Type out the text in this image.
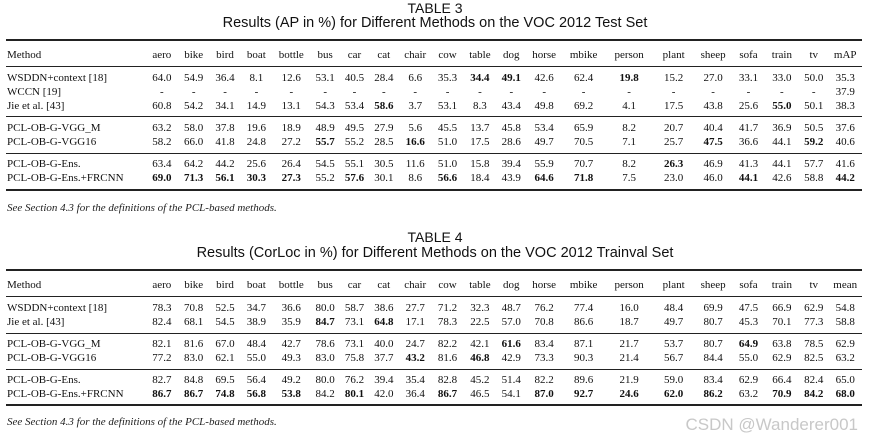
TABLE 3
Results (AP in %) for Different Methods on the VOC 2012 Test Set
Method	aero	bike	bird	boat	bottle	bus	car	cat	chair	cow	table	dog	horse	mbike	person	plant	sheep	sofa	train	tv	mAP
WSDDN+context [18]	64.0	54.9	36.4	8.1	12.6	53.1	40.5	28.4	6.6	35.3	34.4	49.1	42.6	62.4	19.8	15.2	27.0	33.1	33.0	50.0	35.3
WCCN [19]	-	-	-	-	-	-	-	-	-	-	-	-	-	-	-	-	-	-	-	-	37.9
Jie et al. [43]	60.8	54.2	34.1	14.9	13.1	54.3	53.4	58.6	3.7	53.1	8.3	43.4	49.8	69.2	4.1	17.5	43.8	25.6	55.0	50.1	38.3
PCL-OB-G-VGG_M	63.2	58.0	37.8	19.6	18.9	48.9	49.5	27.9	5.6	45.5	13.7	45.8	53.4	65.9	8.2	20.7	40.4	41.7	36.9	50.5	37.6
PCL-OB-G-VGG16	58.2	66.0	41.8	24.8	27.2	55.7	55.2	28.5	16.6	51.0	17.5	28.6	49.7	70.5	7.1	25.7	47.5	36.6	44.1	59.2	40.6
PCL-OB-G-Ens.	63.4	64.2	44.2	25.6	26.4	54.5	55.1	30.5	11.6	51.0	15.8	39.4	55.9	70.7	8.2	26.3	46.9	41.3	44.1	57.7	41.6
PCL-OB-G-Ens.+FRCNN	69.0	71.3	56.1	30.3	27.3	55.2	57.6	30.1	8.6	56.6	18.4	43.9	64.6	71.8	7.5	23.0	46.0	44.1	42.6	58.8	44.2
See Section 4.3 for the definitions of the PCL-based methods.
TABLE 4
Results (CorLoc in %) for Different Methods on the VOC 2012 Trainval Set
Method	aero	bike	bird	boat	bottle	bus	car	cat	chair	cow	table	dog	horse	mbike	person	plant	sheep	sofa	train	tv	mean
WSDDN+context [18]	78.3	70.8	52.5	34.7	36.6	80.0	58.7	38.6	27.7	71.2	32.3	48.7	76.2	77.4	16.0	48.4	69.9	47.5	66.9	62.9	54.8
Jie et al. [43]	82.4	68.1	54.5	38.9	35.9	84.7	73.1	64.8	17.1	78.3	22.5	57.0	70.8	86.6	18.7	49.7	80.7	45.3	70.1	77.3	58.8
PCL-OB-G-VGG_M	82.1	81.6	67.0	48.4	42.7	78.6	73.1	40.0	24.7	82.2	42.1	61.6	83.4	87.1	21.7	53.7	80.7	64.9	63.8	78.5	62.9
PCL-OB-G-VGG16	77.2	83.0	62.1	55.0	49.3	83.0	75.8	37.7	43.2	81.6	46.8	42.9	73.3	90.3	21.4	56.7	84.4	55.0	62.9	82.5	63.2
PCL-OB-G-Ens.	82.7	84.8	69.5	56.4	49.2	80.0	76.2	39.4	35.4	82.8	45.2	51.4	82.2	89.6	21.9	59.0	83.4	62.9	66.4	82.4	65.0
PCL-OB-G-Ens.+FRCNN	86.7	86.7	74.8	56.8	53.8	84.2	80.1	42.0	36.4	86.7	46.5	54.1	87.0	92.7	24.6	62.0	86.2	63.2	70.9	84.2	68.0
See Section 4.3 for the definitions of the PCL-based methods.	CSDN @Wanderer001
